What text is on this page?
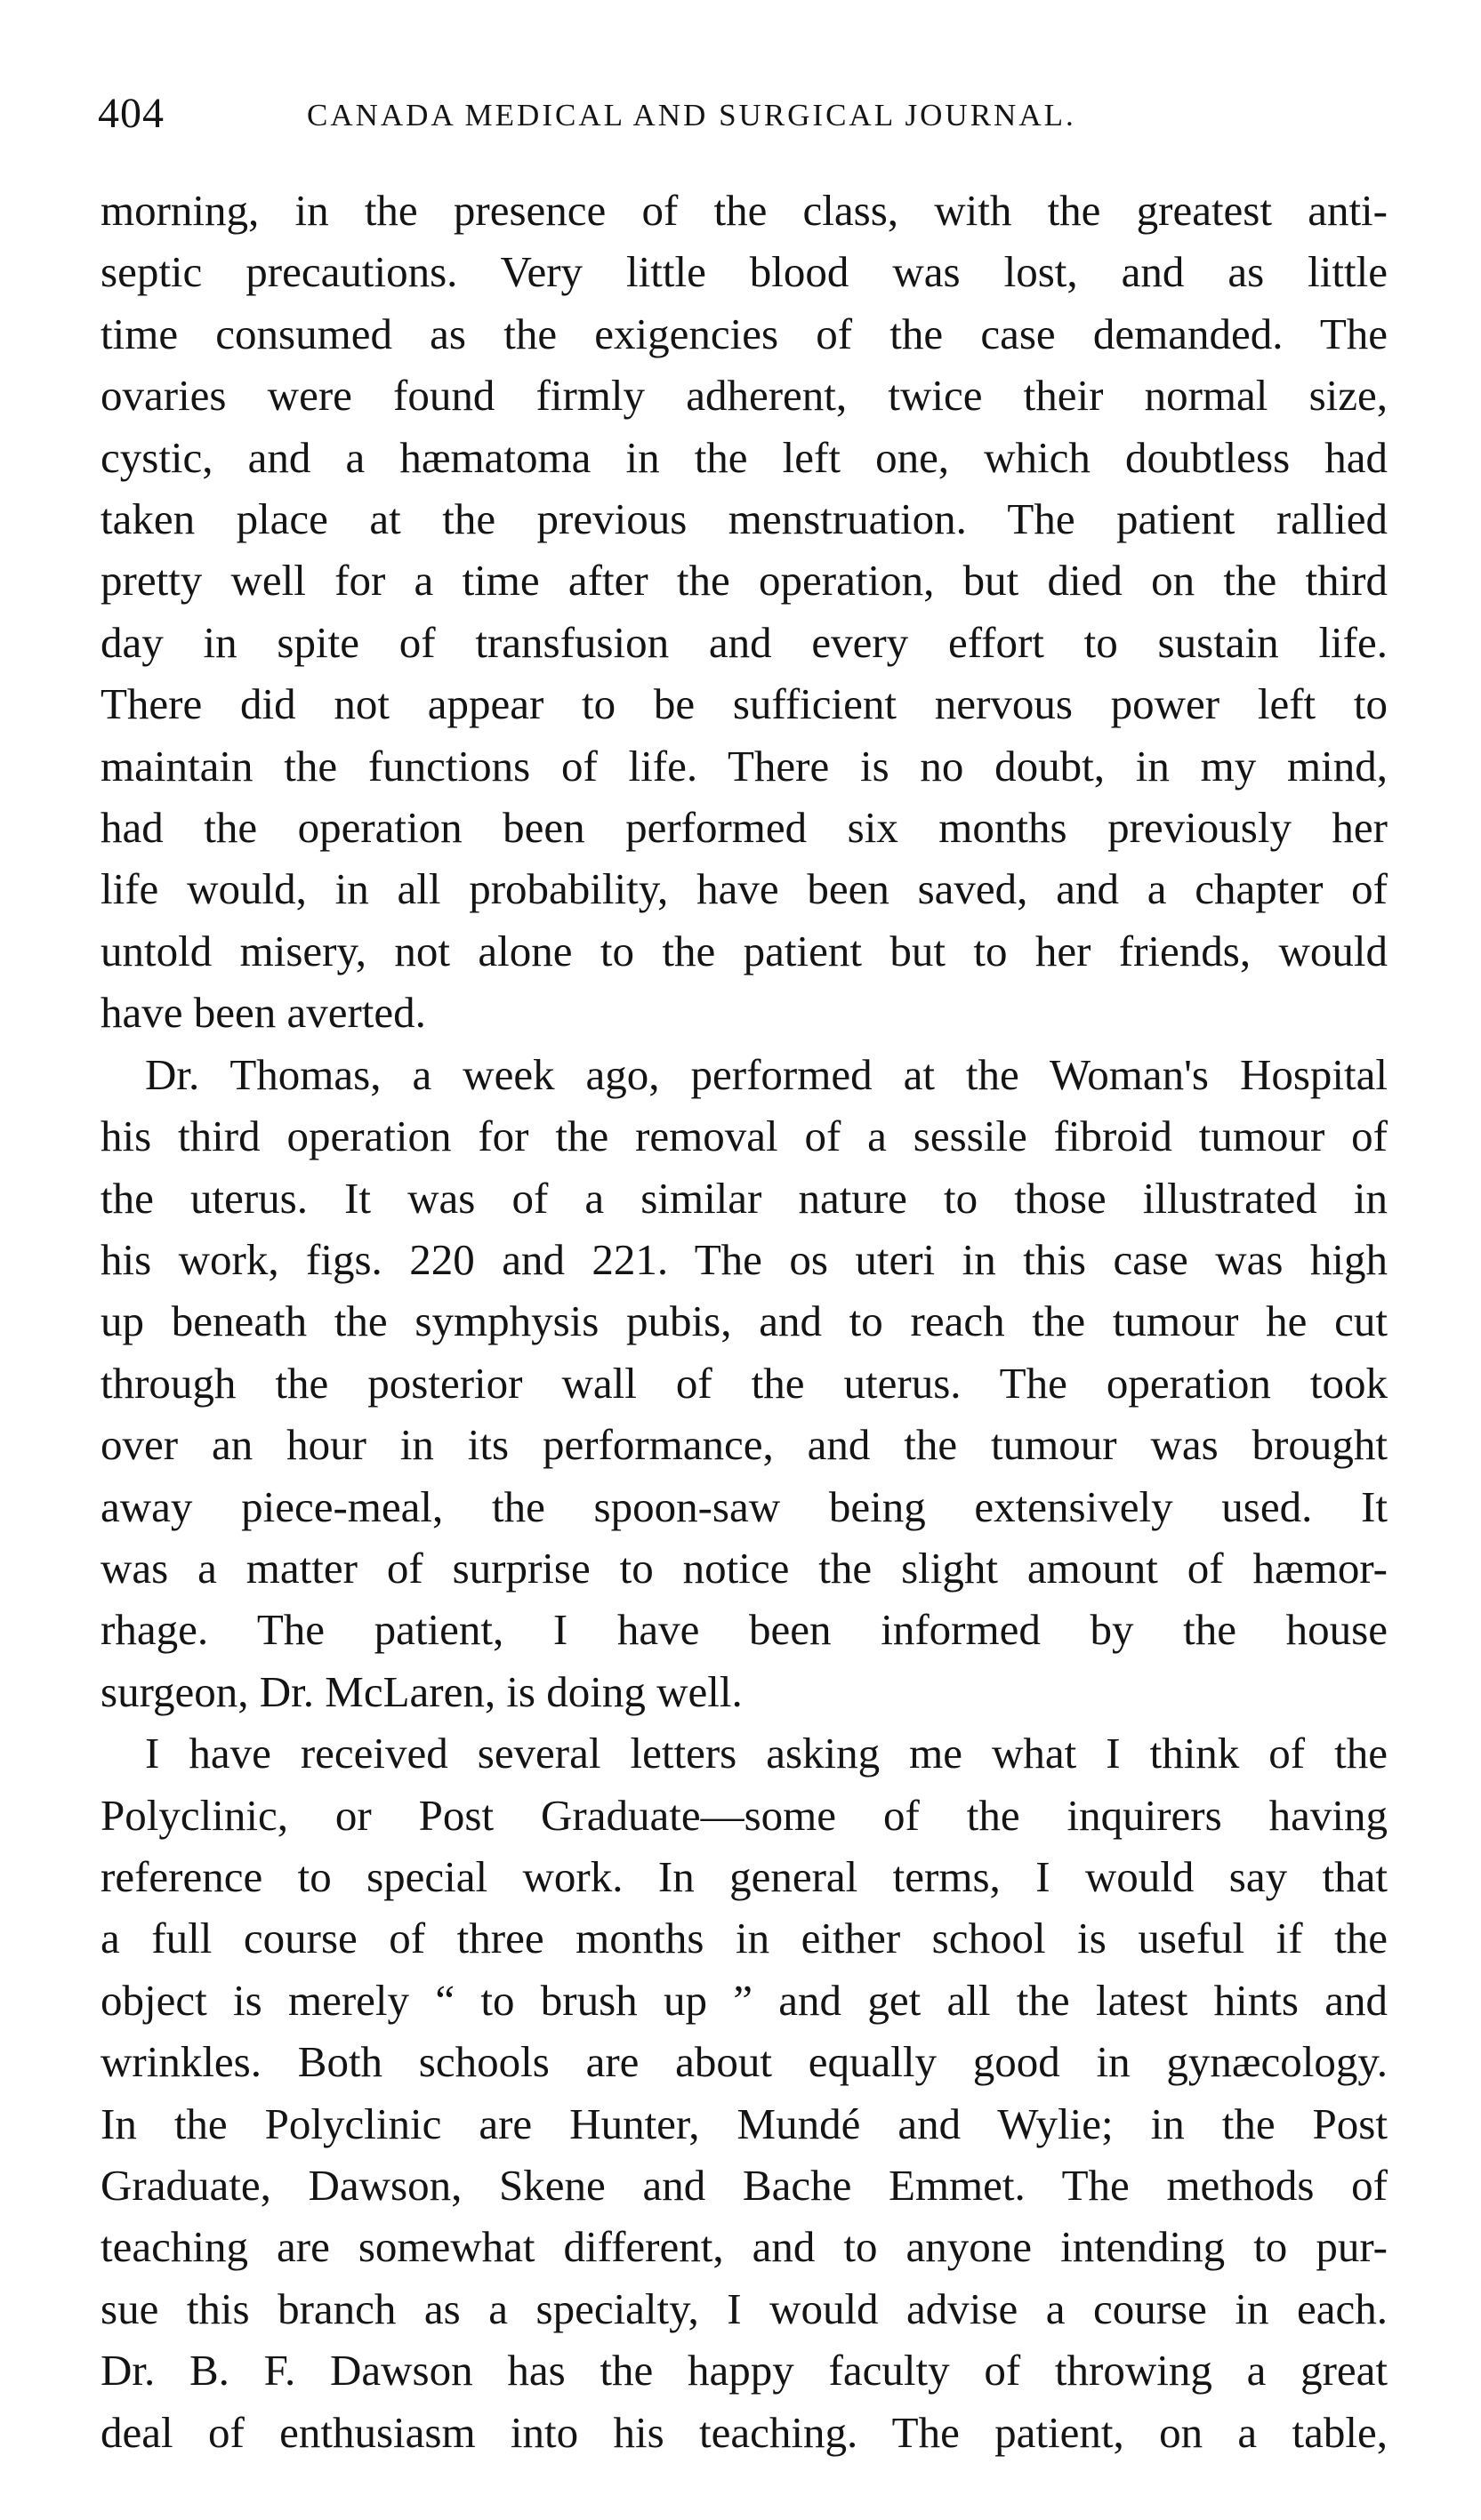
404	CANADA MEDICAL AND SURGICAL JOURNAL.

morning, in the presence of the class, with the greatest anti-
septic precautions. Very little blood was lost, and as little
time consumed as the exigencies of the case demanded. The
ovaries were found firmly adherent, twice their normal size,
cystic, and a hæmatoma in the left one, which doubtless had
taken place at the previous menstruation. The patient rallied
pretty well for a time after the operation, but died on the third
day in spite of transfusion and every effort to sustain life.
There did not appear to be sufficient nervous power left to
maintain the functions of life. There is no doubt, in my mind,
had the operation been performed six months previously her
life would, in all probability, have been saved, and a chapter of
untold misery, not alone to the patient but to her friends, would
have been averted.

Dr. Thomas, a week ago, performed at the Woman's Hospital
his third operation for the removal of a sessile fibroid tumour of
the uterus. It was of a similar nature to those illustrated in
his work, figs. 220 and 221. The os uteri in this case was high
up beneath the symphysis pubis, and to reach the tumour he cut
through the posterior wall of the uterus. The operation took
over an hour in its performance, and the tumour was brought
away piece-meal, the spoon-saw being extensively used. It
was a matter of surprise to notice the slight amount of hæmor-
rhage. The patient, I have been informed by the house
surgeon, Dr. McLaren, is doing well.

I have received several letters asking me what I think of the
Polyclinic, or Post Graduate—some of the inquirers having
reference to special work. In general terms, I would say that
a full course of three months in either school is useful if the
object is merely “ to brush up ” and get all the latest hints and
wrinkles. Both schools are about equally good in gynæcology.
In the Polyclinic are Hunter, Mundé and Wylie; in the Post
Graduate, Dawson, Skene and Bache Emmet. The methods of
teaching are somewhat different, and to anyone intending to pur-
sue this branch as a specialty, I would advise a course in each.
Dr. B. F. Dawson has the happy faculty of throwing a great
deal of enthusiasm into his teaching. The patient, on a table,
